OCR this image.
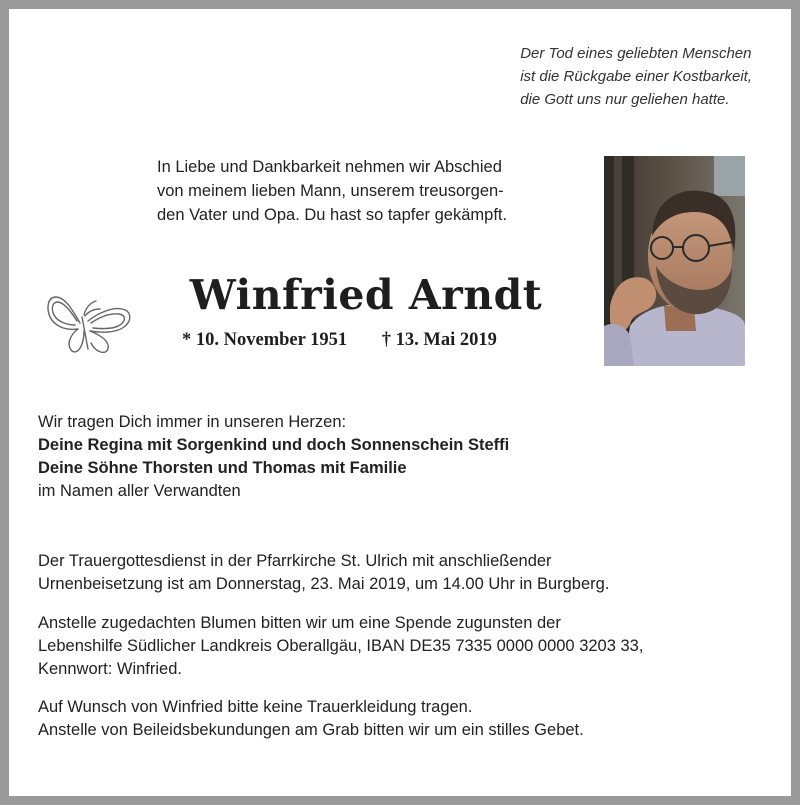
Der Tod eines geliebten Menschen
ist die Rückgabe einer Kostbarkeit,
die Gott uns nur geliehen hatte.
In Liebe und Dankbarkeit nehmen wir Abschied
von meinem lieben Mann, unserem treusorgen-
den Vater und Opa. Du hast so tapfer gekämpft.
Winfried Arndt
* 10. November 1951 † 13. Mai 2019
Wir tragen Dich immer in unseren Herzen:
Deine Regina mit Sorgenkind und doch Sonnenschein Steffi
Deine Söhne Thorsten und Thomas mit Familie
im Namen aller Verwandten
Der Trauergottesdienst in der Pfarrkirche St. Ulrich mit anschließender
Urnenbeisetzung ist am Donnerstag, 23. Mai 2019, um 14.00 Uhr in Burgberg.
Anstelle zugedachten Blumen bitten wir um eine Spende zugunsten der
Lebenshilfe Südlicher Landkreis Oberallgäu, IBAN DE35 7335 0000 0000 3203 33,
Kennwort: Winfried.
Auf Wunsch von Winfried bitte keine Trauerkleidung tragen.
Anstelle von Beileidsbekundungen am Grab bitten wir um ein stilles Gebet.
